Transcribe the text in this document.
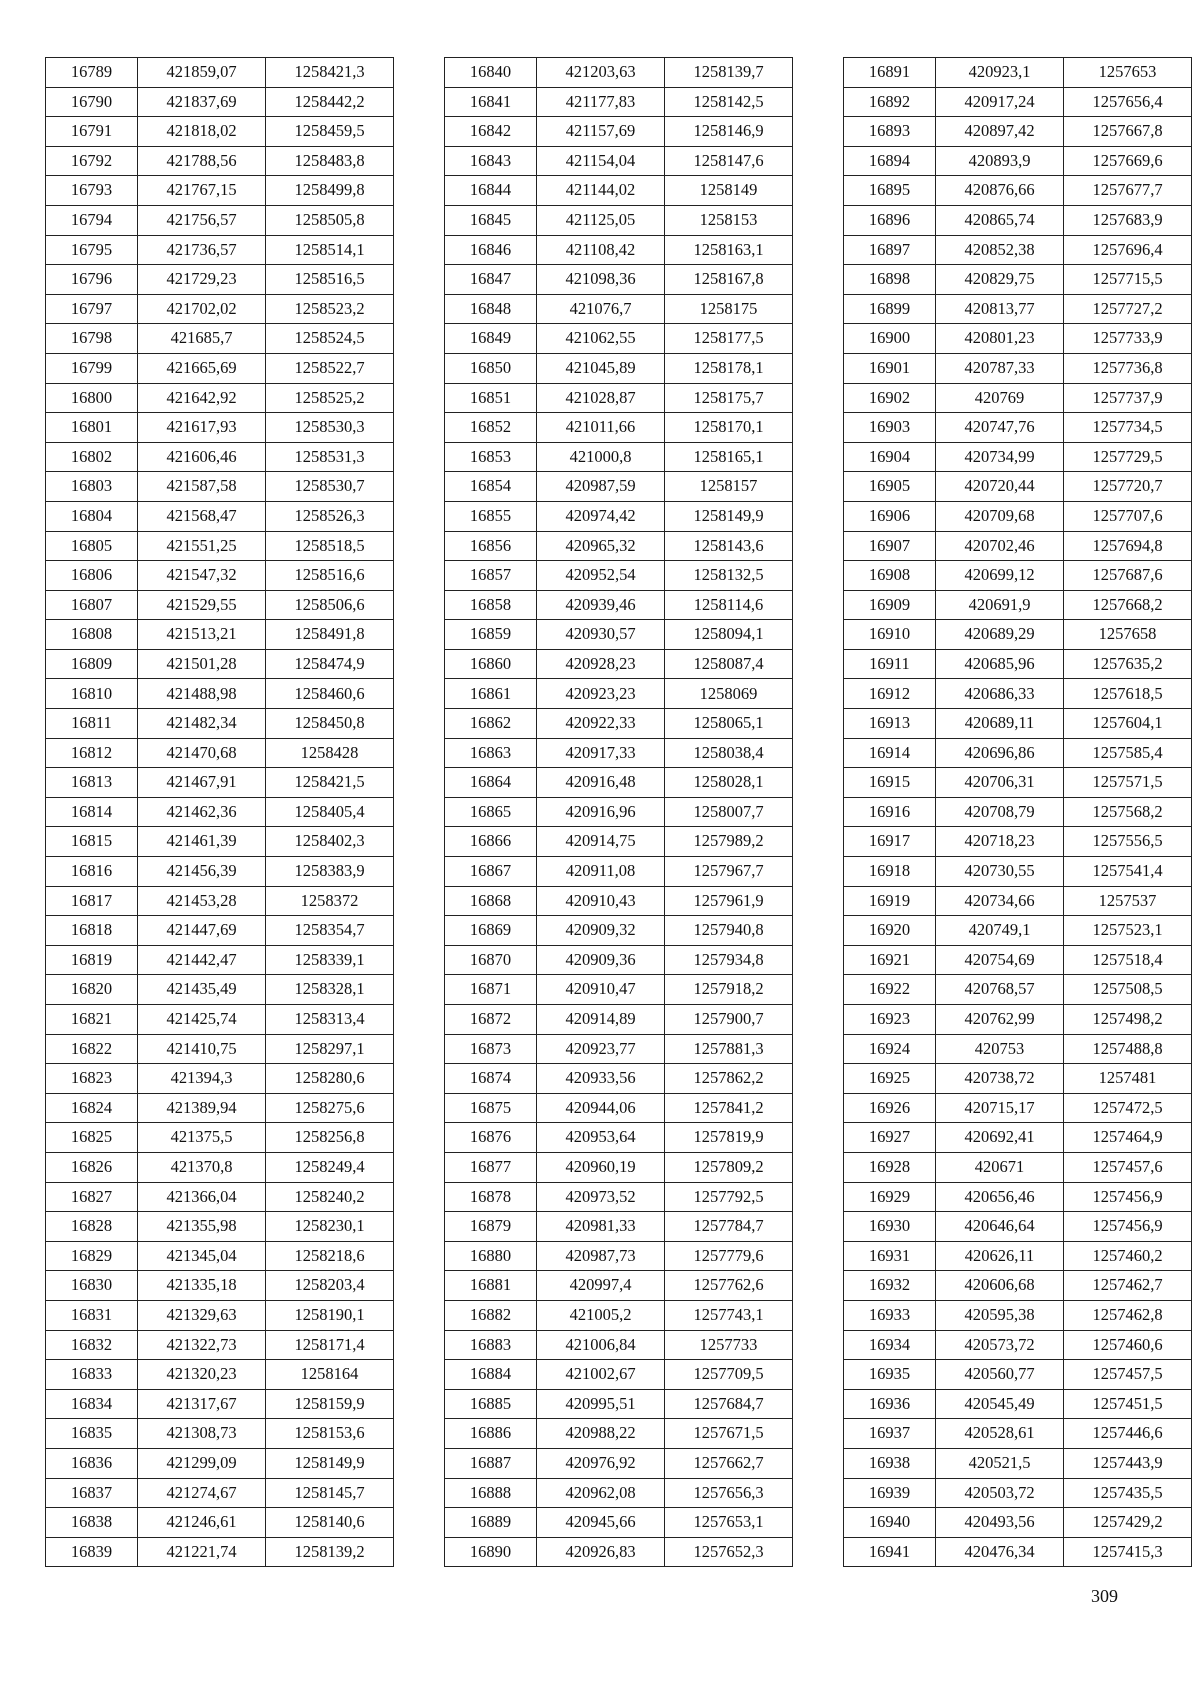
16789	421859,07	1258421,3
16790	421837,69	1258442,2
16791	421818,02	1258459,5
16792	421788,56	1258483,8
16793	421767,15	1258499,8
16794	421756,57	1258505,8
16795	421736,57	1258514,1
16796	421729,23	1258516,5
16797	421702,02	1258523,2
16798	421685,7	1258524,5
16799	421665,69	1258522,7
16800	421642,92	1258525,2
16801	421617,93	1258530,3
16802	421606,46	1258531,3
16803	421587,58	1258530,7
16804	421568,47	1258526,3
16805	421551,25	1258518,5
16806	421547,32	1258516,6
16807	421529,55	1258506,6
16808	421513,21	1258491,8
16809	421501,28	1258474,9
16810	421488,98	1258460,6
16811	421482,34	1258450,8
16812	421470,68	1258428
16813	421467,91	1258421,5
16814	421462,36	1258405,4
16815	421461,39	1258402,3
16816	421456,39	1258383,9
16817	421453,28	1258372
16818	421447,69	1258354,7
16819	421442,47	1258339,1
16820	421435,49	1258328,1
16821	421425,74	1258313,4
16822	421410,75	1258297,1
16823	421394,3	1258280,6
16824	421389,94	1258275,6
16825	421375,5	1258256,8
16826	421370,8	1258249,4
16827	421366,04	1258240,2
16828	421355,98	1258230,1
16829	421345,04	1258218,6
16830	421335,18	1258203,4
16831	421329,63	1258190,1
16832	421322,73	1258171,4
16833	421320,23	1258164
16834	421317,67	1258159,9
16835	421308,73	1258153,6
16836	421299,09	1258149,9
16837	421274,67	1258145,7
16838	421246,61	1258140,6
16839	421221,74	1258139,2
16840	421203,63	1258139,7
16841	421177,83	1258142,5
16842	421157,69	1258146,9
16843	421154,04	1258147,6
16844	421144,02	1258149
16845	421125,05	1258153
16846	421108,42	1258163,1
16847	421098,36	1258167,8
16848	421076,7	1258175
16849	421062,55	1258177,5
16850	421045,89	1258178,1
16851	421028,87	1258175,7
16852	421011,66	1258170,1
16853	421000,8	1258165,1
16854	420987,59	1258157
16855	420974,42	1258149,9
16856	420965,32	1258143,6
16857	420952,54	1258132,5
16858	420939,46	1258114,6
16859	420930,57	1258094,1
16860	420928,23	1258087,4
16861	420923,23	1258069
16862	420922,33	1258065,1
16863	420917,33	1258038,4
16864	420916,48	1258028,1
16865	420916,96	1258007,7
16866	420914,75	1257989,2
16867	420911,08	1257967,7
16868	420910,43	1257961,9
16869	420909,32	1257940,8
16870	420909,36	1257934,8
16871	420910,47	1257918,2
16872	420914,89	1257900,7
16873	420923,77	1257881,3
16874	420933,56	1257862,2
16875	420944,06	1257841,2
16876	420953,64	1257819,9
16877	420960,19	1257809,2
16878	420973,52	1257792,5
16879	420981,33	1257784,7
16880	420987,73	1257779,6
16881	420997,4	1257762,6
16882	421005,2	1257743,1
16883	421006,84	1257733
16884	421002,67	1257709,5
16885	420995,51	1257684,7
16886	420988,22	1257671,5
16887	420976,92	1257662,7
16888	420962,08	1257656,3
16889	420945,66	1257653,1
16890	420926,83	1257652,3
16891	420923,1	1257653
16892	420917,24	1257656,4
16893	420897,42	1257667,8
16894	420893,9	1257669,6
16895	420876,66	1257677,7
16896	420865,74	1257683,9
16897	420852,38	1257696,4
16898	420829,75	1257715,5
16899	420813,77	1257727,2
16900	420801,23	1257733,9
16901	420787,33	1257736,8
16902	420769	1257737,9
16903	420747,76	1257734,5
16904	420734,99	1257729,5
16905	420720,44	1257720,7
16906	420709,68	1257707,6
16907	420702,46	1257694,8
16908	420699,12	1257687,6
16909	420691,9	1257668,2
16910	420689,29	1257658
16911	420685,96	1257635,2
16912	420686,33	1257618,5
16913	420689,11	1257604,1
16914	420696,86	1257585,4
16915	420706,31	1257571,5
16916	420708,79	1257568,2
16917	420718,23	1257556,5
16918	420730,55	1257541,4
16919	420734,66	1257537
16920	420749,1	1257523,1
16921	420754,69	1257518,4
16922	420768,57	1257508,5
16923	420762,99	1257498,2
16924	420753	1257488,8
16925	420738,72	1257481
16926	420715,17	1257472,5
16927	420692,41	1257464,9
16928	420671	1257457,6
16929	420656,46	1257456,9
16930	420646,64	1257456,9
16931	420626,11	1257460,2
16932	420606,68	1257462,7
16933	420595,38	1257462,8
16934	420573,72	1257460,6
16935	420560,77	1257457,5
16936	420545,49	1257451,5
16937	420528,61	1257446,6
16938	420521,5	1257443,9
16939	420503,72	1257435,5
16940	420493,56	1257429,2
16941	420476,34	1257415,3
309
